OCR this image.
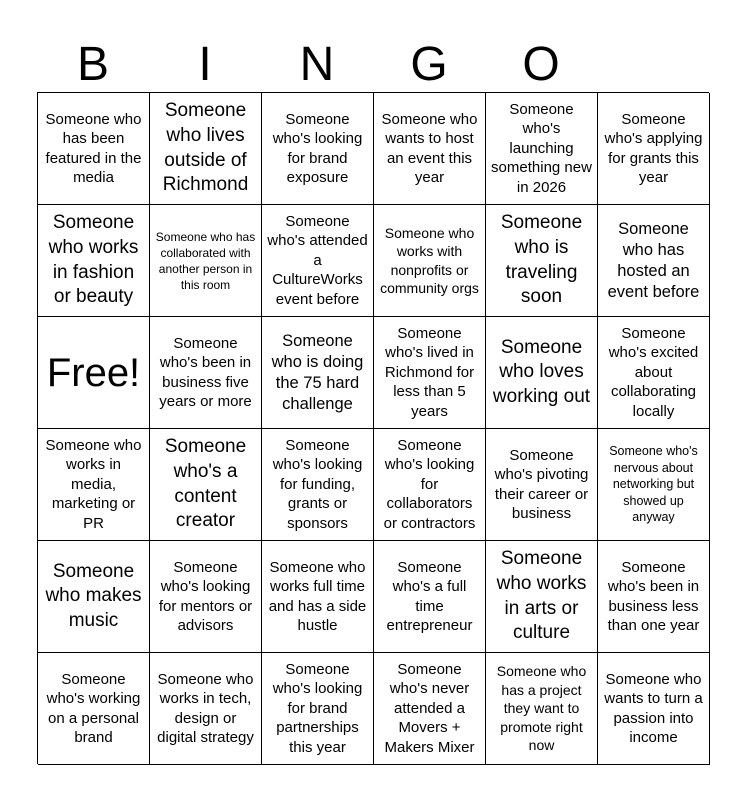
B	I	N	G	O
Someone who has been featured in the media
Someone who lives outside of Richmond
Someone who's looking for brand exposure
Someone who wants to host an event this year
Someone who's launching something new in 2026
Someone who's applying for grants this year
Someone who works in fashion or beauty
Someone who has collaborated with another person in this room
Someone who's attended a CultureWorks event before
Someone who works with nonprofits or community orgs
Someone who is traveling soon
Someone who has hosted an event before
Free!
Someone who's been in business five years or more
Someone who is doing the 75 hard challenge
Someone who's lived in Richmond for less than 5 years
Someone who loves working out
Someone who's excited about collaborating locally
Someone who works in media, marketing or PR
Someone who's a content creator
Someone who's looking for funding, grants or sponsors
Someone who's looking for collaborators or contractors
Someone who's pivoting their career or business
Someone who's nervous about networking but showed up anyway
Someone who makes music
Someone who's looking for mentors or advisors
Someone who works full time and has a side hustle
Someone who's a full time entrepreneur
Someone who works in arts or culture
Someone who's been in business less than one year
Someone who's working on a personal brand
Someone who works in tech, design or digital strategy
Someone who's looking for brand partnerships this year
Someone who's never attended a Movers + Makers Mixer
Someone who has a project they want to promote right now
Someone who wants to turn a passion into income
